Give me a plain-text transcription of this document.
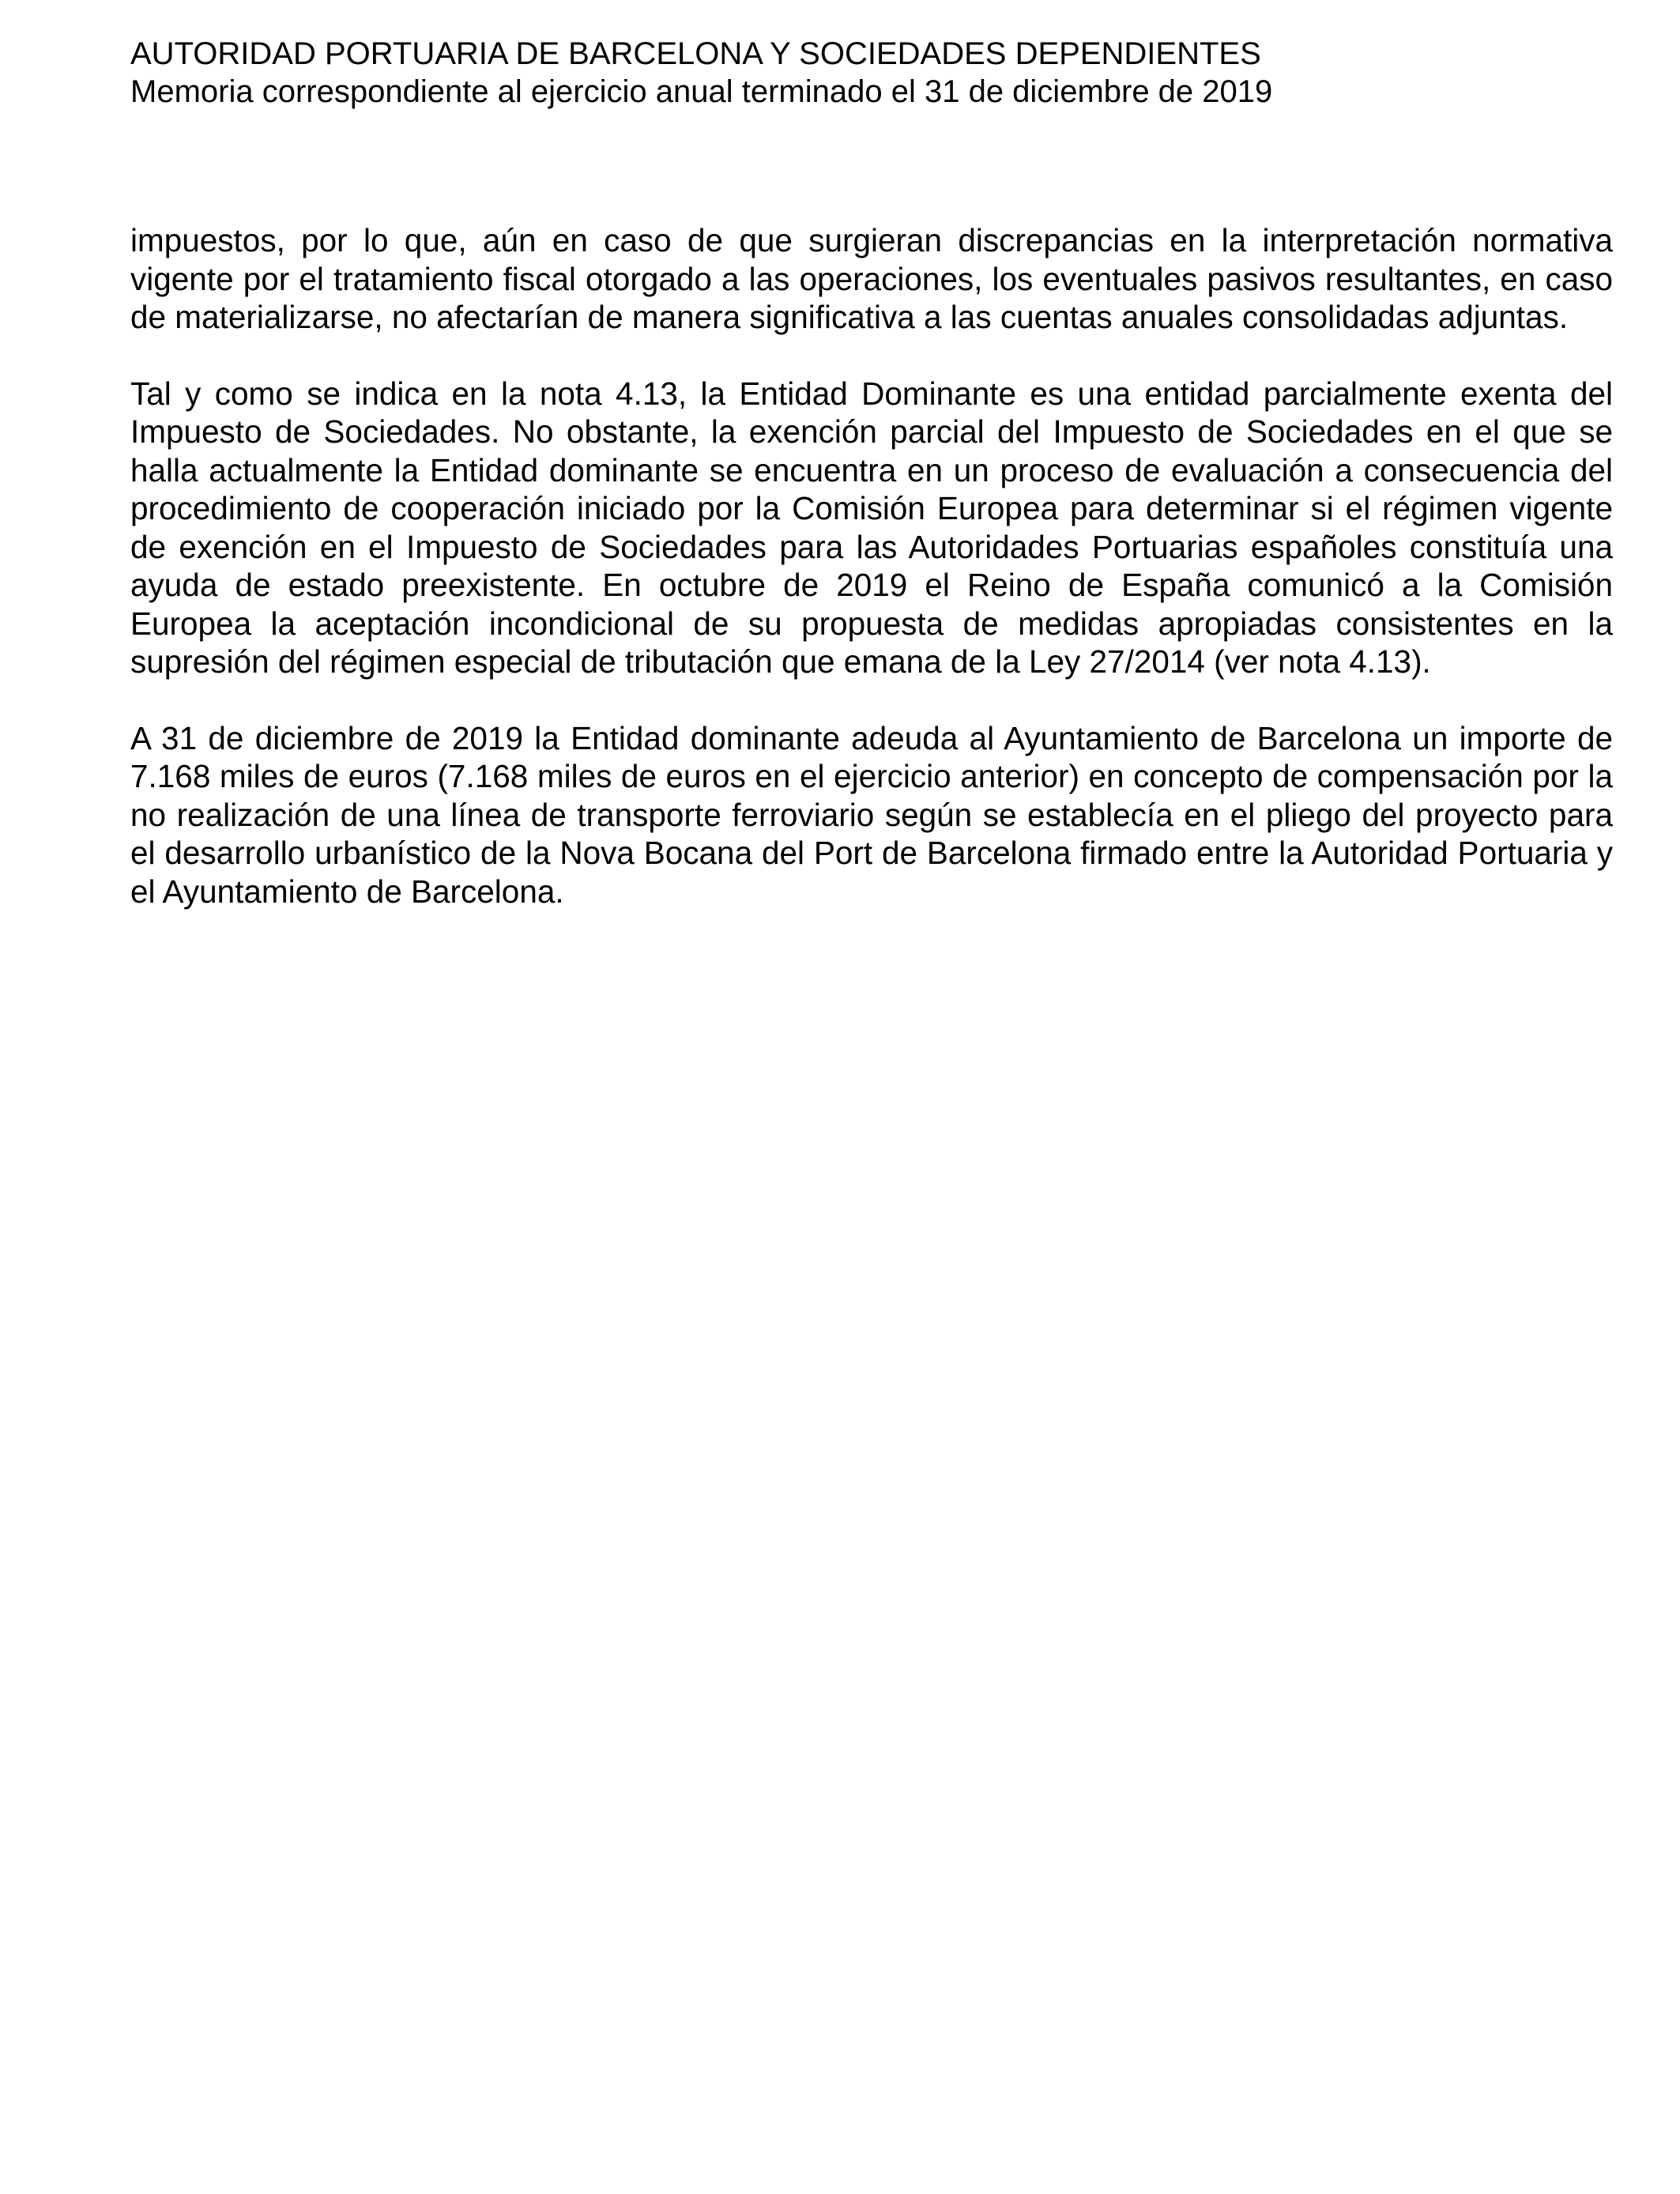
AUTORIDAD PORTUARIA DE BARCELONA Y SOCIEDADES DEPENDIENTES
Memoria correspondiente al ejercicio anual terminado el 31 de diciembre de 2019

impuestos, por lo que, aún en caso de que surgieran discrepancias en la interpretación normativa vigente por el tratamiento fiscal otorgado a las operaciones, los eventuales pasivos resultantes, en caso de materializarse, no afectarían de manera significativa a las cuentas anuales consolidadas adjuntas.

Tal y como se indica en la nota 4.13, la Entidad Dominante es una entidad parcialmente exenta del Impuesto de Sociedades. No obstante, la exención parcial del Impuesto de Sociedades en el que se halla actualmente la Entidad dominante se encuentra en un proceso de evaluación a consecuencia del procedimiento de cooperación iniciado por la Comisión Europea para determinar si el régimen vigente de exención en el Impuesto de Sociedades para las Autoridades Portuarias españoles constituía una ayuda de estado preexistente. En octubre de 2019 el Reino de España comunicó a la Comisión Europea la aceptación incondicional de su propuesta de medidas apropiadas consistentes en la supresión del régimen especial de tributación que emana de la Ley 27/2014 (ver nota 4.13).

A 31 de diciembre de 2019 la Entidad dominante adeuda al Ayuntamiento de Barcelona un importe de 7.168 miles de euros (7.168 miles de euros en el ejercicio anterior) en concepto de compensación por la no realización de una línea de transporte ferroviario según se establecía en el pliego del proyecto para el desarrollo urbanístico de la Nova Bocana del Port de Barcelona firmado entre la Autoridad Portuaria y el Ayuntamiento de Barcelona.
